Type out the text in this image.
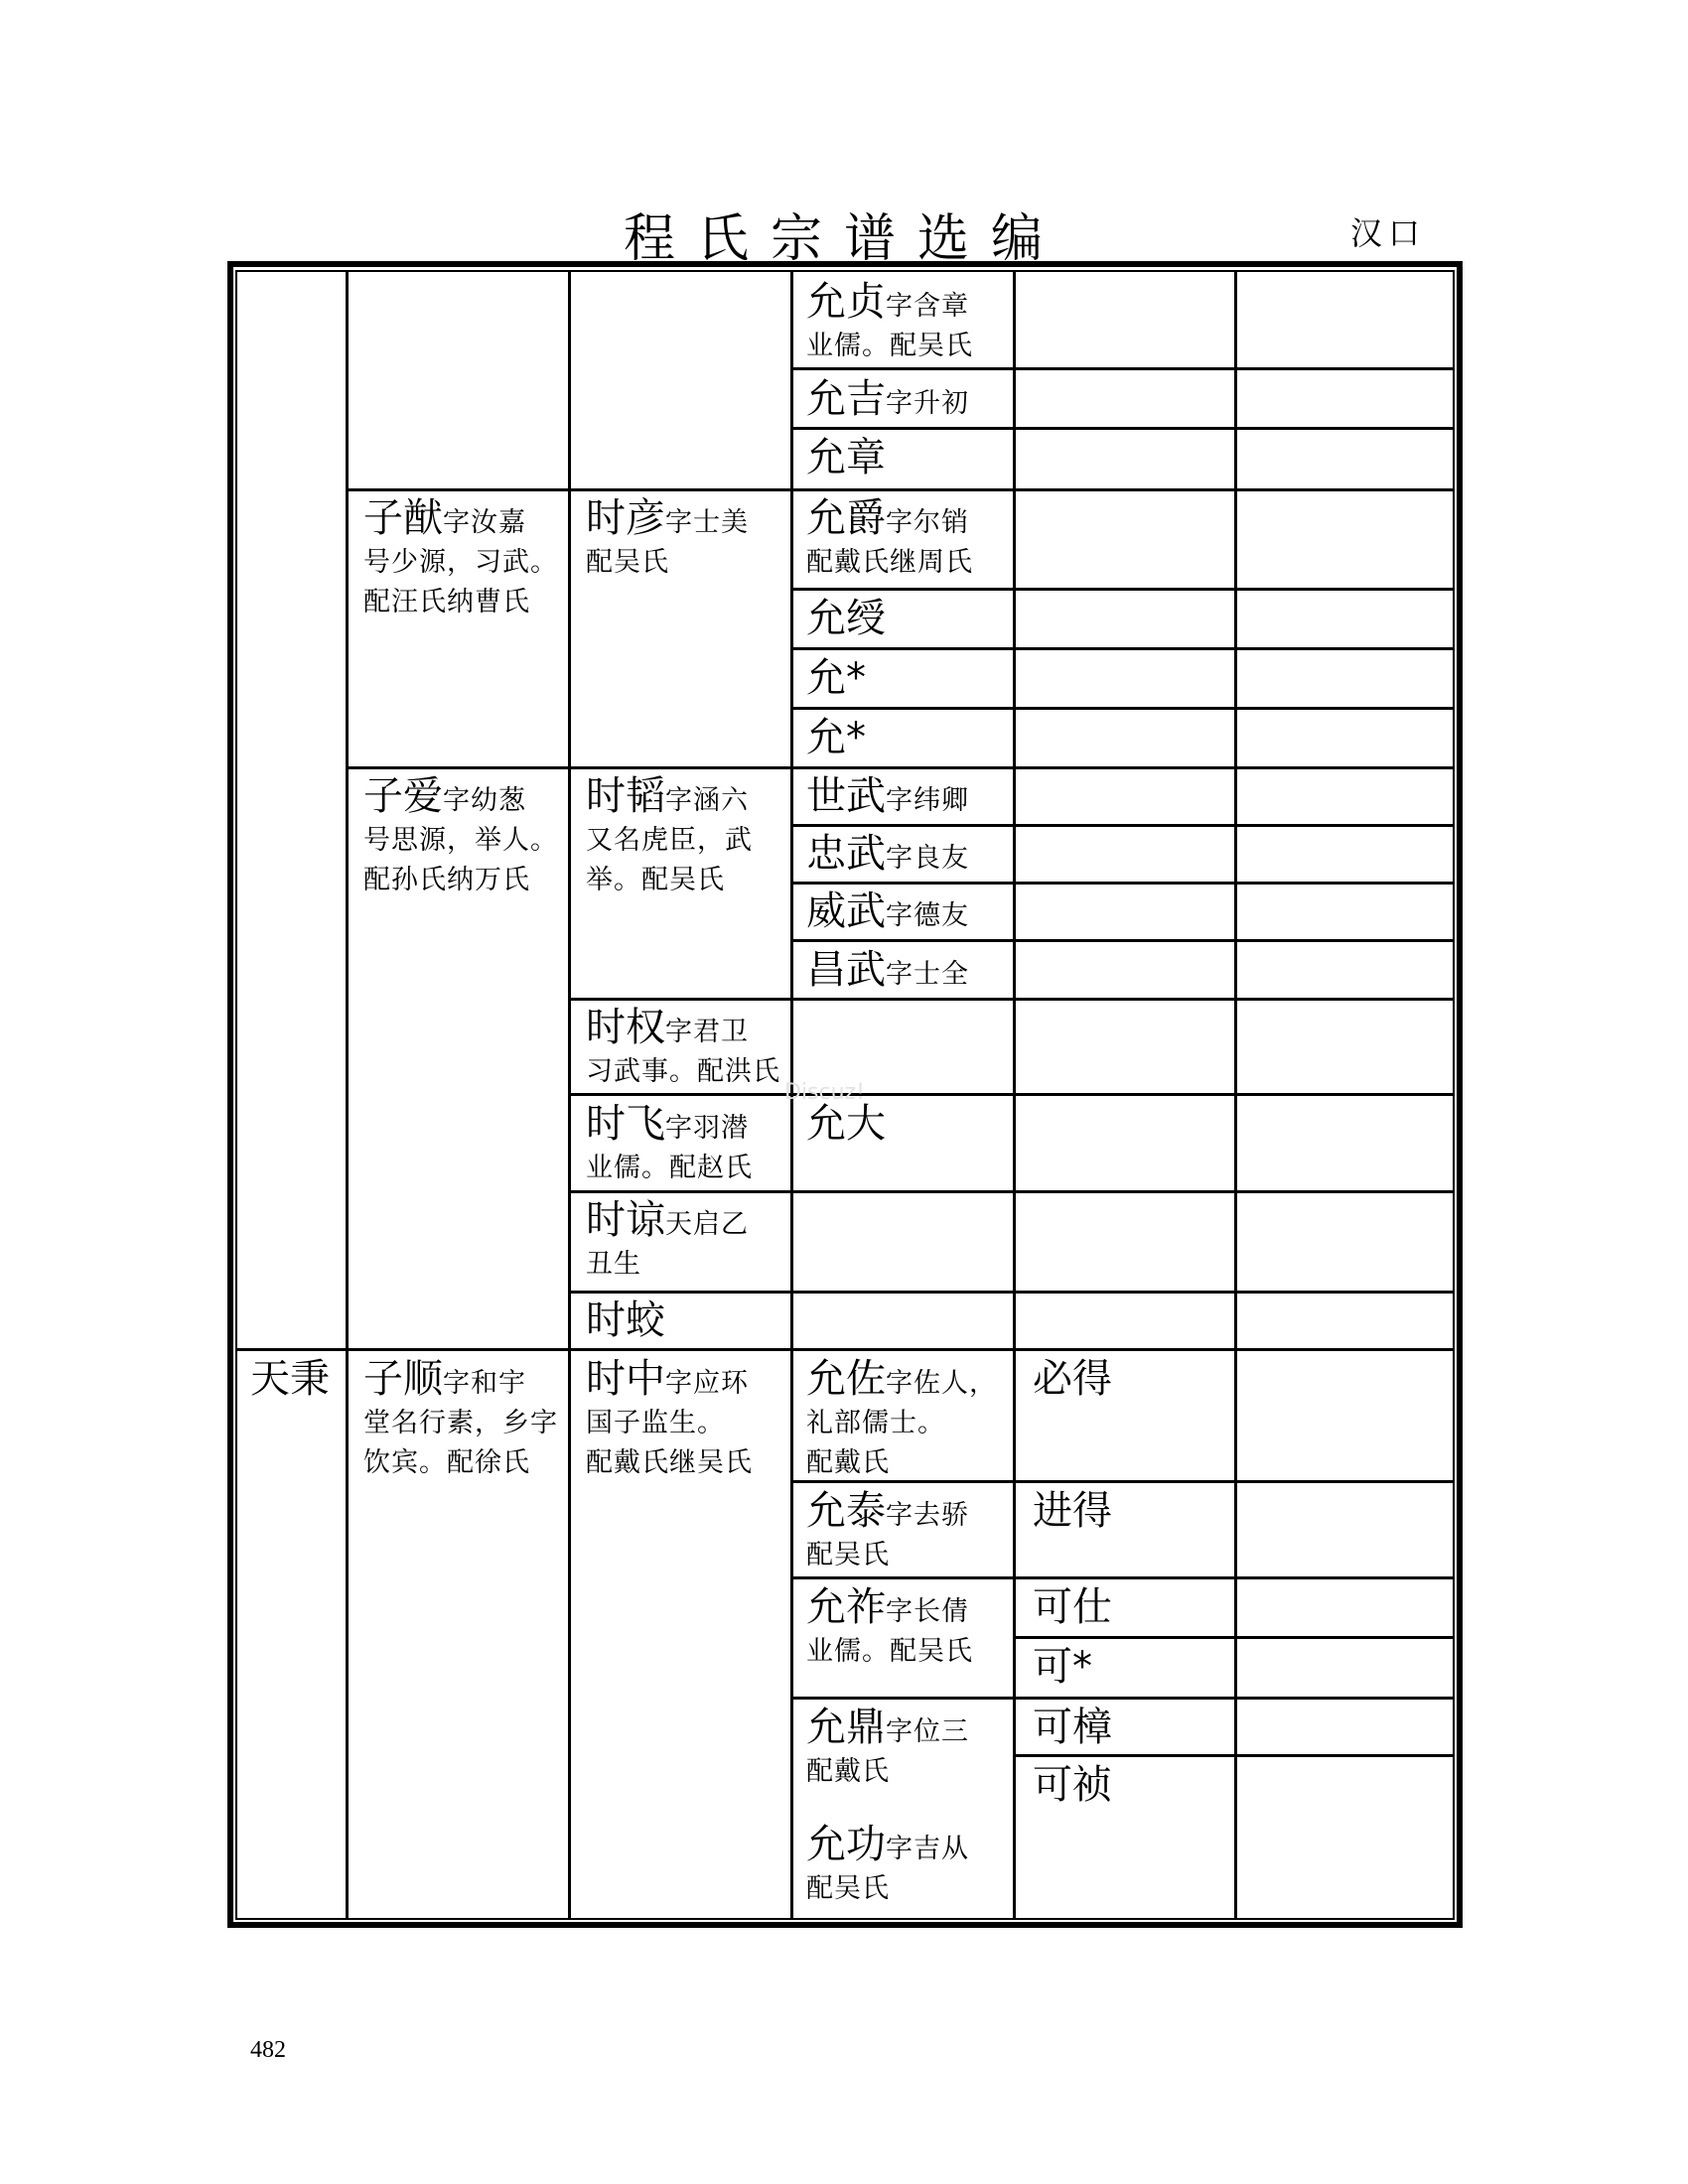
程氏宗谱选编	汉口
天秉
子猷字汝嘉
号少源，习武。
配汪氏纳曹氏
子爱字幼葱
号思源，举人。
配孙氏纳万氏
子顺字和宇
堂名行素，乡字
饮宾。配徐氏
时彦字士美
配吴氏
时韬字涵六
又名虎臣，武
举。配吴氏
时权字君卫
习武事。配洪氏
时飞字羽潜
业儒。配赵氏
时谅天启乙
丑生
时蛟
时中字应环
国子监生。
配戴氏继吴氏
允贞字含章
业儒。配吴氏
允吉字升初
允章
允爵字尔销
配戴氏继周氏
允绶
允*
允*
世武字纬卿
忠武字良友
威武字德友
昌武字士全
允大
允佐字佐人，
礼部儒士。
配戴氏
允泰字去骄
配吴氏
允祚字长倩
业儒。配吴氏
允鼎字位三
配戴氏
允功字吉从
配吴氏
必得
进得
可仕
可*
可樟
可祯
Discuz!
482
